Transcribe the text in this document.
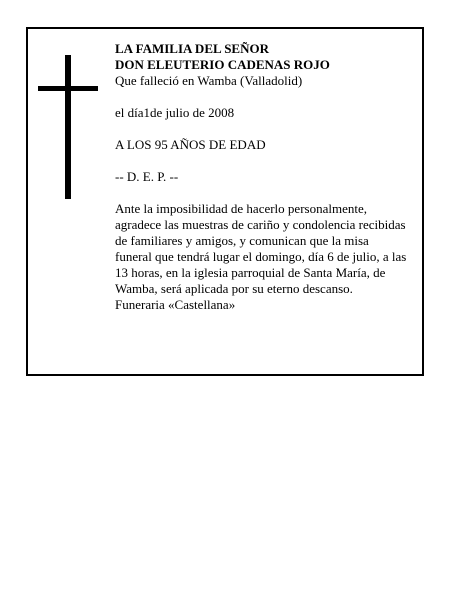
LA FAMILIA DEL SEÑOR
DON ELEUTERIO CADENAS ROJO
Que falleció en Wamba (Valladolid)
el día1de julio de 2008
A LOS 95 AÑOS DE EDAD
-- D. E. P. --
Ante la imposibilidad de hacerlo personalmente,
agradece las muestras de cariño y condolencia recibidas
de familiares y amigos, y comunican que la misa
funeral que tendrá lugar el domingo, día 6 de julio, a las
13 horas, en la iglesia parroquial de Santa María, de
Wamba, será aplicada por su eterno descanso.
Funeraria «Castellana»
